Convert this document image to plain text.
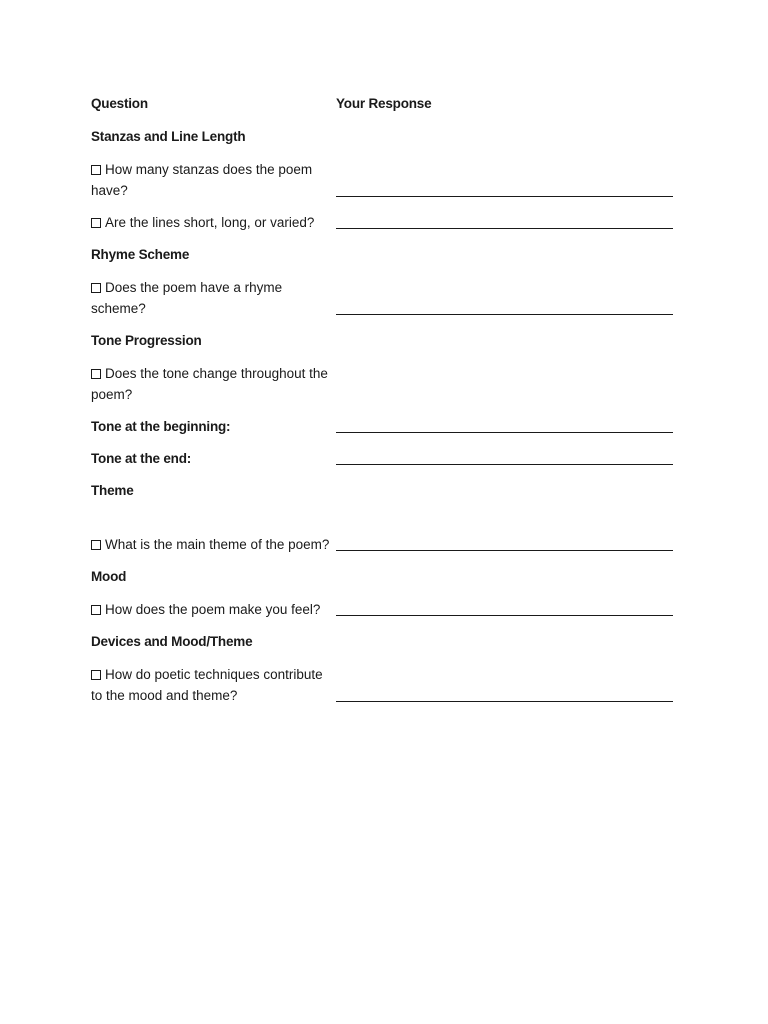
Question	Your Response
Stanzas and Line Length
How many stanzas does the poem have?
Are the lines short, long, or varied?
Rhyme Scheme
Does the poem have a rhyme scheme?
Tone Progression
Does the tone change throughout the poem?
Tone at the beginning:
Tone at the end:
Theme
What is the main theme of the poem?
Mood
How does the poem make you feel?
Devices and Mood/Theme
How do poetic techniques contribute to the mood and theme?
